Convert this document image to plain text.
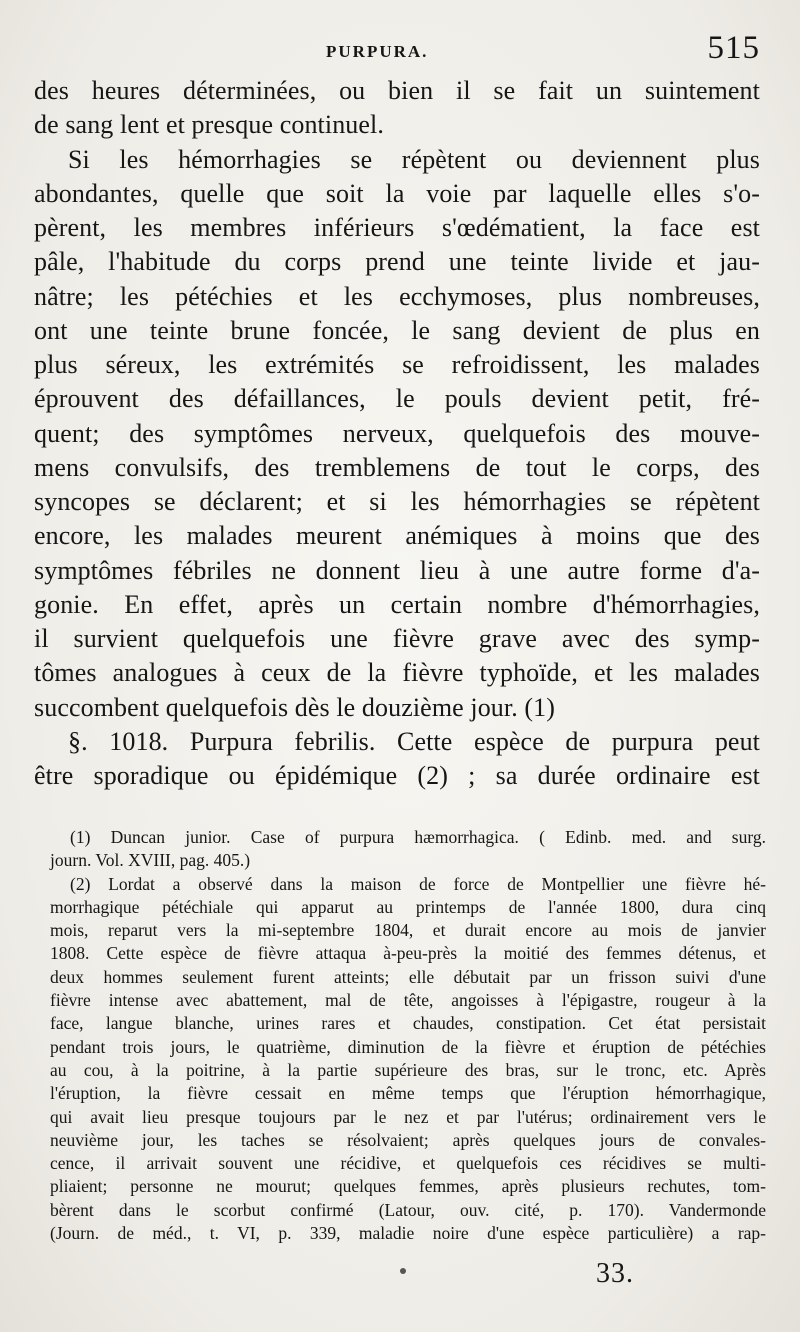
PURPURA.	515
des heures déterminées, ou bien il se fait un suintement
de sang lent et presque continuel.
Si les hémorrhagies se répètent ou deviennent plus
abondantes, quelle que soit la voie par laquelle elles s'o-
pèrent, les membres inférieurs s'œdématient, la face est
pâle, l'habitude du corps prend une teinte livide et jau-
nâtre; les pétéchies et les ecchymoses, plus nombreuses,
ont une teinte brune foncée, le sang devient de plus en
plus séreux, les extrémités se refroidissent, les malades
éprouvent des défaillances, le pouls devient petit, fré-
quent; des symptômes nerveux, quelquefois des mouve-
mens convulsifs, des tremblemens de tout le corps, des
syncopes se déclarent; et si les hémorrhagies se répètent
encore, les malades meurent anémiques à moins que des
symptômes fébriles ne donnent lieu à une autre forme d'a-
gonie. En effet, après un certain nombre d'hémorrhagies,
il survient quelquefois une fièvre grave avec des symp-
tômes analogues à ceux de la fièvre typhoïde, et les malades
succombent quelquefois dès le douzième jour. (1)
§. 1018. Purpura febrilis. Cette espèce de purpura peut
être sporadique ou épidémique (2) ; sa durée ordinaire est
(1) Duncan junior. Case of purpura hæmorrhagica. ( Edinb. med. and surg.
journ. Vol. XVIII, pag. 405.)
(2) Lordat a observé dans la maison de force de Montpellier une fièvre hé-
morrhagique pétéchiale qui apparut au printemps de l'année 1800, dura cinq
mois, reparut vers la mi-septembre 1804, et durait encore au mois de janvier
1808. Cette espèce de fièvre attaqua à-peu-près la moitié des femmes détenus, et
deux hommes seulement furent atteints; elle débutait par un frisson suivi d'une
fièvre intense avec abattement, mal de tête, angoisses à l'épigastre, rougeur à la
face, langue blanche, urines rares et chaudes, constipation. Cet état persistait
pendant trois jours, le quatrième, diminution de la fièvre et éruption de pétéchies
au cou, à la poitrine, à la partie supérieure des bras, sur le tronc, etc. Après
l'éruption, la fièvre cessait en même temps que l'éruption hémorrhagique,
qui avait lieu presque toujours par le nez et par l'utérus; ordinairement vers le
neuvième jour, les taches se résolvaient; après quelques jours de convales-
cence, il arrivait souvent une récidive, et quelquefois ces récidives se multi-
pliaient; personne ne mourut; quelques femmes, après plusieurs rechutes, tom-
bèrent dans le scorbut confirmé (Latour, ouv. cité, p. 170). Vandermonde
(Journ. de méd., t. VI, p. 339, maladie noire d'une espèce particulière) a rap-
33.
